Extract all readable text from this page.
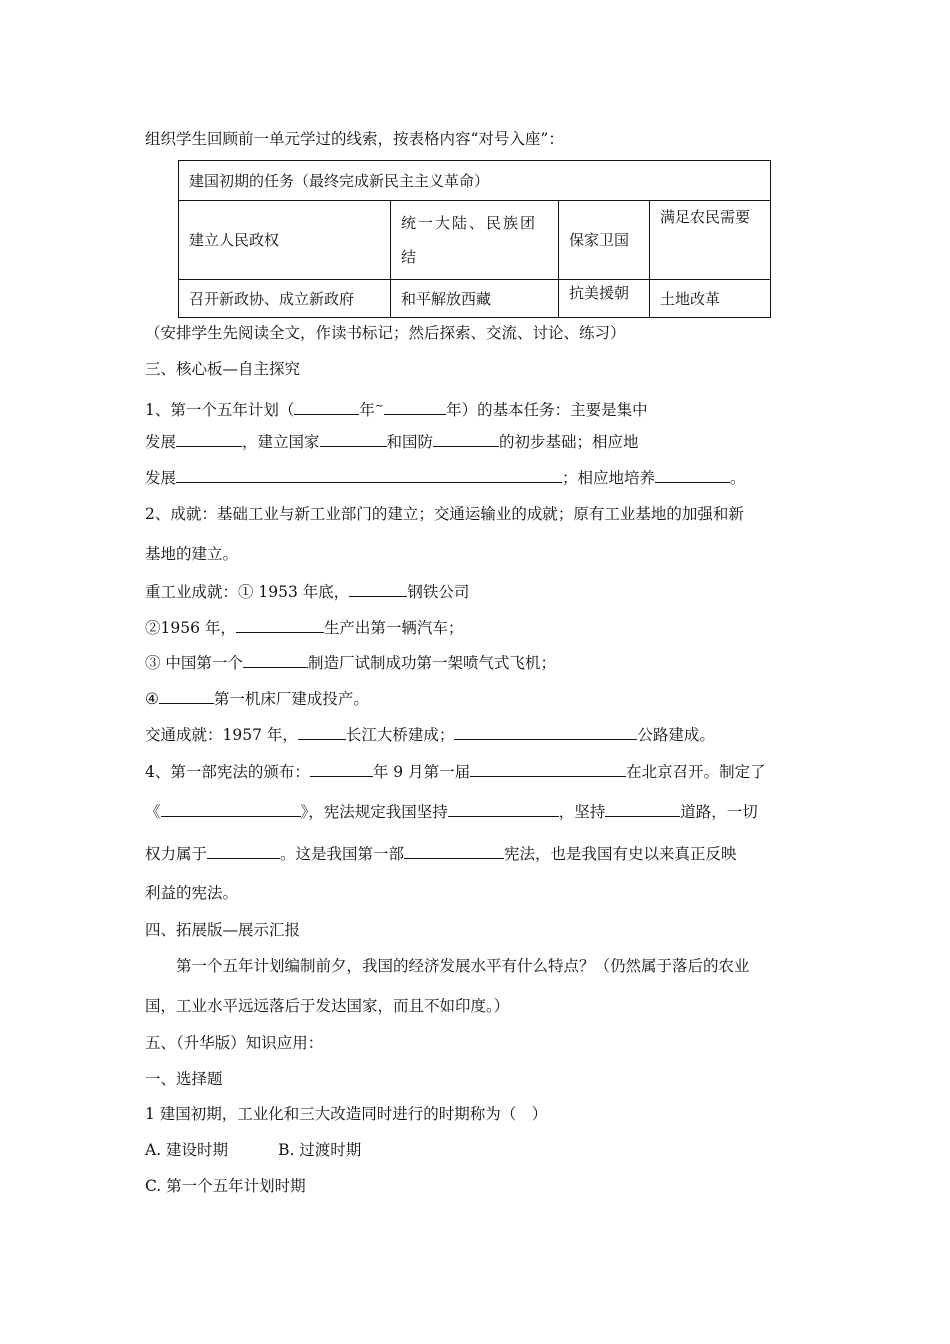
组织学生回顾前一单元学过的线索，按表格内容“对号入座”：
建国初期的任务（最终完成新民主主义革命）			
建立人民政权	统一大陆、民族团结	保家卫国	满足农民需要
召开新政协、成立新政府	和平解放西藏	抗美援朝	土地改革
（安排学生先阅读全文，作读书标记；然后探索、交流、讨论、练习）
三、核心板—自主探究
1、第一个五年计划（	年~	年）的基本任务：主要是集中
发展	，建立国家	和国防	的初步基础；相应地
发展	；相应地培养	。
2、成就：基础工业与新工业部门的建立；交通运输业的成就；原有工业基地的加强和新
基地的建立。
重工业成就：① 1953 年底，	钢铁公司
②1956 年，	生产出第一辆汽车；
③ 中国第一个	制造厂试制成功第一架喷气式飞机；
④	第一机床厂建成投产。
交通成就：1957 年，	长江大桥建成；	公路建成。
4、第一部宪法的颁布：	年 9 月第一届	在北京召开。制定了
《	》，宪法规定我国坚持	，坚持	道路，一切
权力属于	。这是我国第一部	宪法，也是我国有史以来真正反映
利益的宪法。
四、拓展版—展示汇报
第一个五年计划编制前夕，我国的经济发展水平有什么特点？（仍然属于落后的农业
国，工业水平远远落后于发达国家，而且不如印度。）
五、（升华版）知识应用：
一、选择题
1 建国初期，工业化和三大改造同时进行的时期称为（　）
A. 建设时期	B. 过渡时期
C. 第一个五年计划时期
